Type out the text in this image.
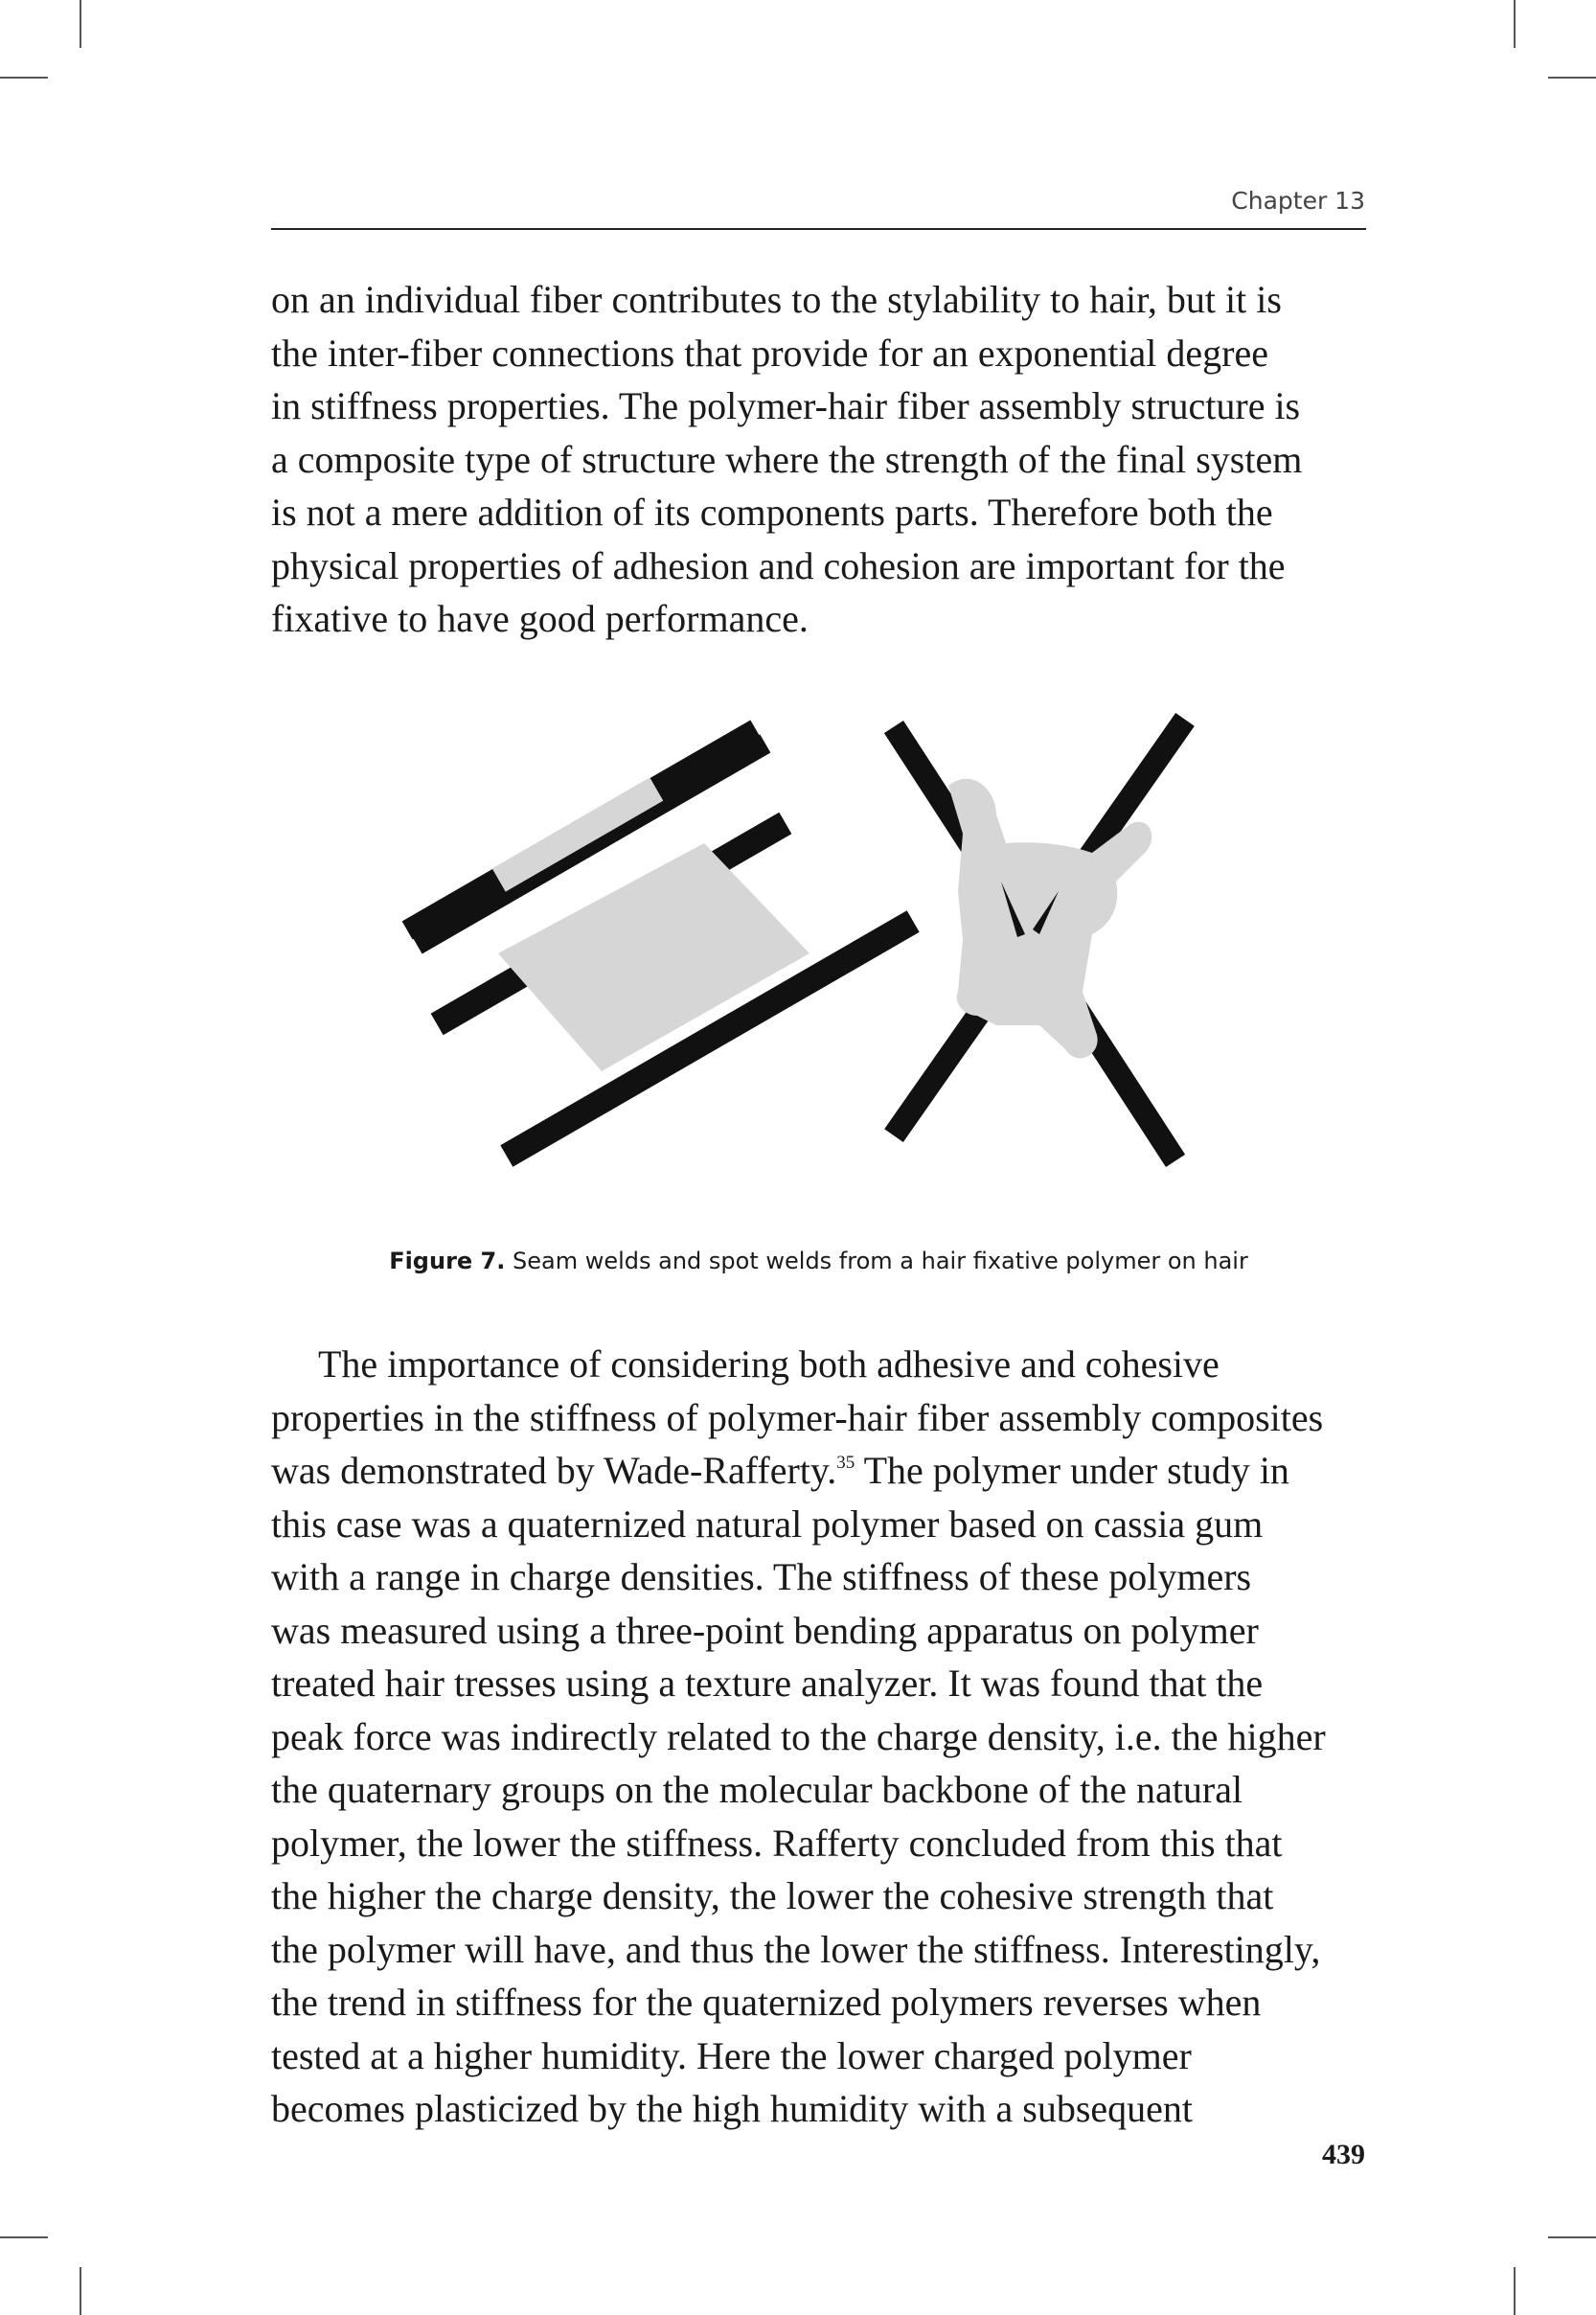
Chapter 13
on an individual fiber contributes to the stylability to hair, but it is
the inter-fiber connections that provide for an exponential degree
in stiffness properties. The polymer-hair fiber assembly structure is
a composite type of structure where the strength of the final system
is not a mere addition of its components parts. Therefore both the
physical properties of adhesion and cohesion are important for the
fixative to have good performance.
Figure 7. Seam welds and spot welds from a hair fixative polymer on hair
The importance of considering both adhesive and cohesive
properties in the stiffness of polymer-hair fiber assembly composites
was demonstrated by Wade-Rafferty.$^{35}$ The polymer under study in
this case was a quaternized natural polymer based on cassia gum
with a range in charge densities. The stiffness of these polymers
was measured using a three-point bending apparatus on polymer
treated hair tresses using a texture analyzer. It was found that the
peak force was indirectly related to the charge density, i.e. the higher
the quaternary groups on the molecular backbone of the natural
polymer, the lower the stiffness. Rafferty concluded from this that
the higher the charge density, the lower the cohesive strength that
the polymer will have, and thus the lower the stiffness. Interestingly,
the trend in stiffness for the quaternized polymers reverses when
tested at a higher humidity. Here the lower charged polymer
becomes plasticized by the high humidity with a subsequent
439
